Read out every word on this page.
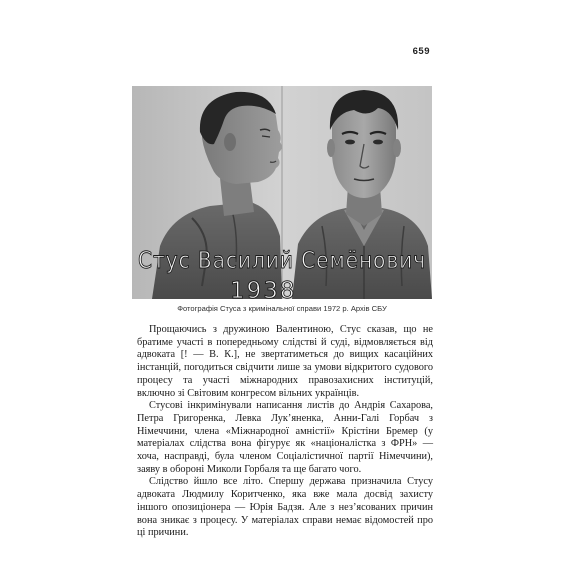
659
Стус Василий Семёнович
1938
Фотографія Стуса з кримінальної справи 1972 р. Архів СБУ

Прощаючись з дружиною Валентиною, Стус сказав, що не братиме участі в попередньому слідстві й суді, відмовляється від адвоката [! — В. К.], не звертатиметься до вищих касаційних інстанцій, погодиться свідчити лише за умови відкритого судового процесу та участі міжнародних правозахисних інституцій, включно зі Світовим конгресом вільних українців.

Стусові інкримінували написання листів до Андрія Сахарова, Петра Григоренка, Левка Лук’яненка, Анни-Галі Горбач з Німеччини, члена «Міжнародної амністії» Крістіни Бремер (у матеріалах слідства вона фігурує як «націоналістка з ФРН» — хоча, насправді, була членом Соціалістичної партії Німеччини), заяву в обороні Миколи Горбаля та ще багато чого.

Слідство йшло все літо. Спершу держава призначила Стусу адвоката Людмилу Коритченко, яка вже мала досвід захисту іншого опозиціонера — Юрія Бадзя. Але з нез’ясованих причин вона зникає з процесу. У матеріалах справи немає відомостей про ці причини.
